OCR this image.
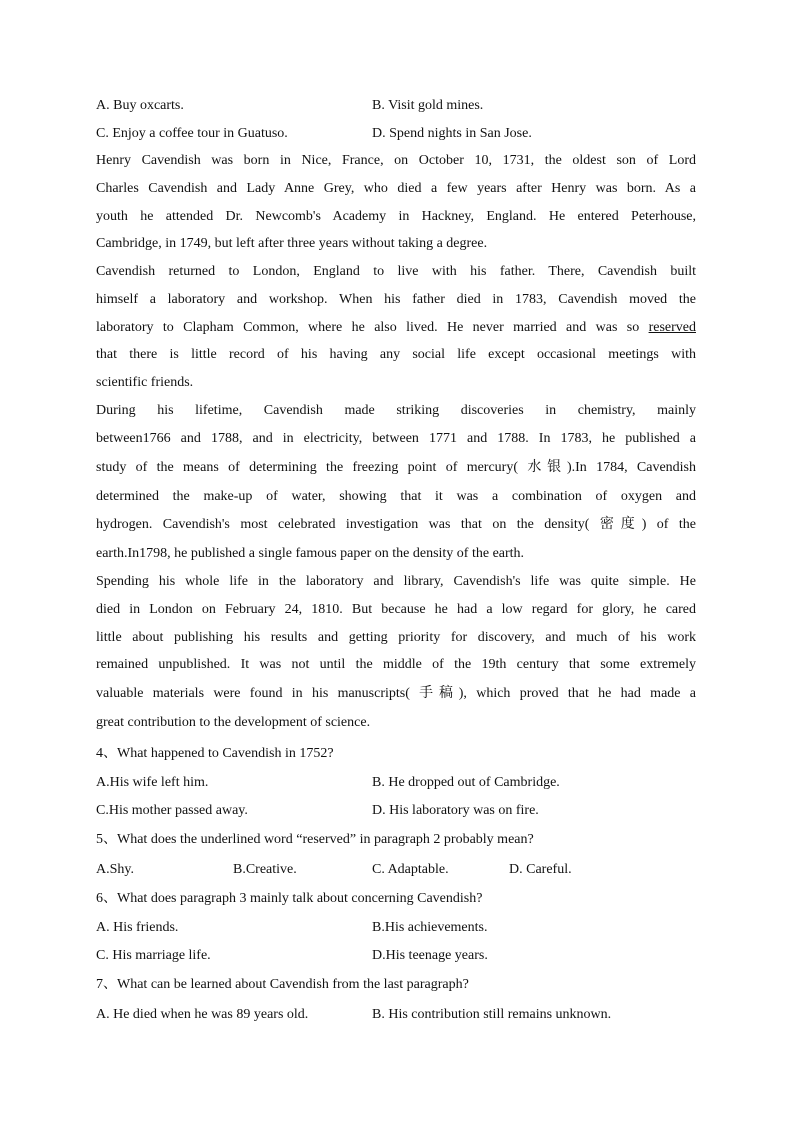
A. Buy oxcarts.	B. Visit gold mines.
C. Enjoy a coffee tour in Guatuso.	D. Spend nights in San Jose.
Henry Cavendish was born in Nice, France, on October 10, 1731, the oldest son of Lord
Charles Cavendish and Lady Anne Grey, who died a few years after Henry was born. As a
youth he attended Dr. Newcomb's Academy in Hackney, England. He entered Peterhouse,
Cambridge, in 1749, but left after three years without taking a degree.
Cavendish returned to London, England to live with his father. There, Cavendish built
himself a laboratory and workshop. When his father died in 1783, Cavendish moved the
laboratory to Clapham Common, where he also lived. He never married and was so reserved
that there is little record of his having any social life except occasional meetings with
scientific friends.
During his lifetime, Cavendish made striking discoveries in chemistry, mainly
between1766 and 1788, and in electricity, between 1771 and 1788. In 1783, he published a
study of the means of determining the freezing point of mercury( 水银).In 1784, Cavendish
determined the make-up of water, showing that it was a combination of oxygen and
hydrogen. Cavendish's most celebrated investigation was that on the density( 密度) of the
earth.In1798, he published a single famous paper on the density of the earth.
Spending his whole life in the laboratory and library, Cavendish's life was quite simple. He
died in London on February 24, 1810. But because he had a low regard for glory, he cared
little about publishing his results and getting priority for discovery, and much of his work
remained unpublished. It was not until the middle of the 19th century that some extremely
valuable materials were found in his manuscripts( 手稿), which proved that he had made a
great contribution to the development of science.
4、What happened to Cavendish in 1752?
A.His wife left him.	B. He dropped out of Cambridge.
C.His mother passed away.	D. His laboratory was on fire.
5、What does the underlined word “reserved” in paragraph 2 probably mean?
A.Shy.	B.Creative.	C. Adaptable.	D. Careful.
6、What does paragraph 3 mainly talk about concerning Cavendish?
A. His friends.	B.His achievements.
C. His marriage life.	D.His teenage years.
7、What can be learned about Cavendish from the last paragraph?
A. He died when he was 89 years old.	B. His contribution still remains unknown.
